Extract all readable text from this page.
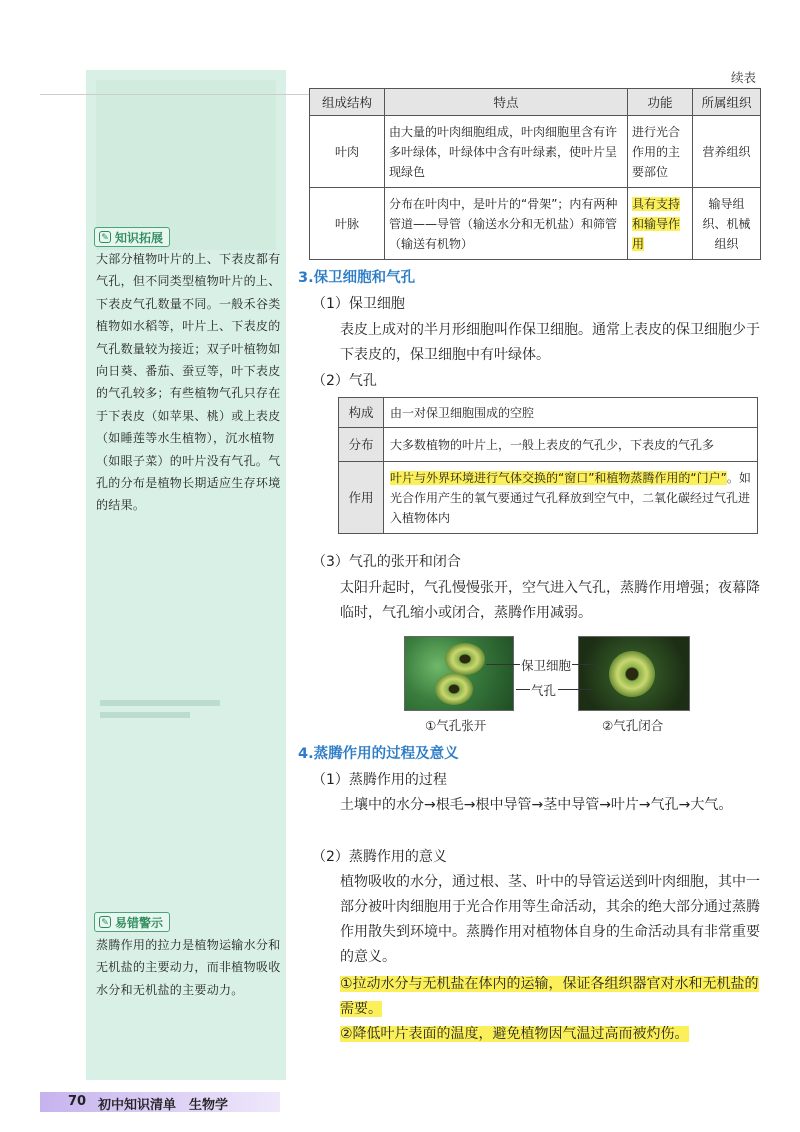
续表
组成结构	特点	功能	所属组织
叶肉	由大量的叶肉细胞组成，叶肉细胞里含有许多叶绿体，叶绿体中含有叶绿素，使叶片呈现绿色	进行光合作用的主要部位	营养组织
叶脉	分布在叶肉中，是叶片的“骨架”；内有两种管道——导管（输送水分和无机盐）和筛管（输送有机物）	具有支持和输导作用	输导组织、机械组织
3.保卫细胞和气孔
（1）保卫细胞
表皮上成对的半月形细胞叫作保卫细胞。通常上表皮的保卫细胞少于下表皮的，保卫细胞中有叶绿体。
（2）气孔
构成	由一对保卫细胞围成的空腔
分布	大多数植物的叶片上，一般上表皮的气孔少，下表皮的气孔多
作用	叶片与外界环境进行气体交换的“窗口”和植物蒸腾作用的“门户”。如光合作用产生的氧气要通过气孔释放到空气中，二氧化碳经过气孔进入植物体内
（3）气孔的张开和闭合
太阳升起时，气孔慢慢张开，空气进入气孔，蒸腾作用增强；夜幕降临时，气孔缩小或闭合，蒸腾作用减弱。
保卫细胞
气孔
①气孔张开	②气孔闭合
4.蒸腾作用的过程及意义
（1）蒸腾作用的过程
土壤中的水分→根毛→根中导管→茎中导管→叶片→气孔→大气。
（2）蒸腾作用的意义
植物吸收的水分，通过根、茎、叶中的导管运送到叶肉细胞，其中一部分被叶肉细胞用于光合作用等生命活动，其余的绝大部分通过蒸腾作用散失到环境中。蒸腾作用对植物体自身的生命活动具有非常重要的意义。
①拉动水分与无机盐在体内的运输，保证各组织器官对水和无机盐的需要。
②降低叶片表面的温度，避免植物因气温过高而被灼伤。
✎ 知识拓展
大部分植物叶片的上、下表皮都有气孔，但不同类型植物叶片的上、下表皮气孔数量不同。一般禾谷类植物如水稻等，叶片上、下表皮的气孔数量较为接近；双子叶植物如向日葵、番茄、蚕豆等，叶下表皮的气孔较多；有些植物气孔只存在于下表皮（如苹果、桃）或上表皮（如睡莲等水生植物），沉水植物（如眼子菜）的叶片没有气孔。气孔的分布是植物长期适应生存环境的结果。
✎ 易错警示
蒸腾作用的拉力是植物运输水分和无机盐的主要动力，而非植物吸收水分和无机盐的主要动力。
70 初中知识清单　生物学
